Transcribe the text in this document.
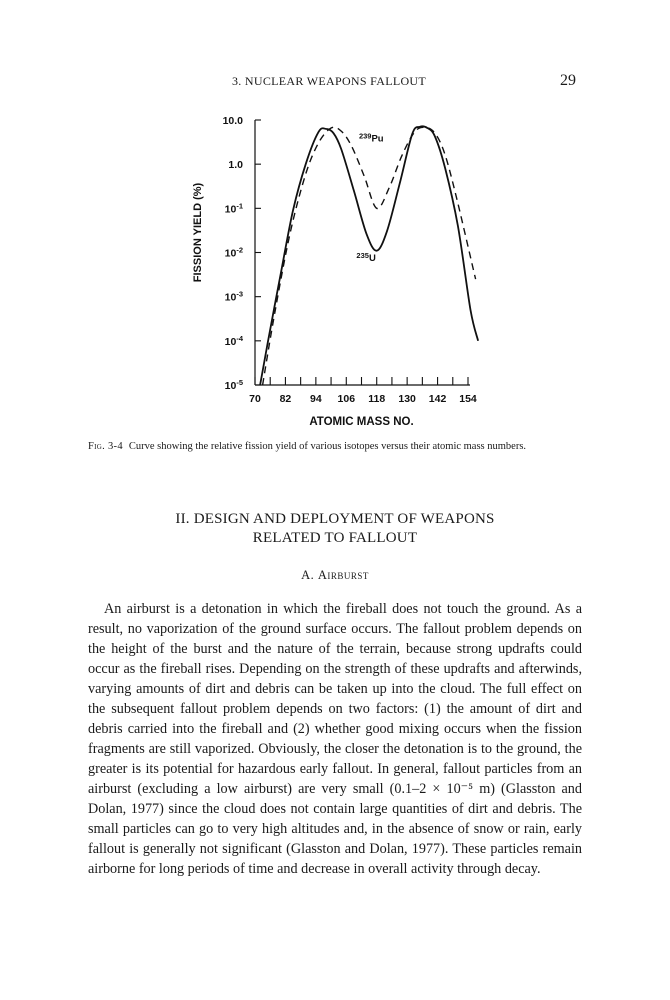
3. NUCLEAR WEAPONS FALLOUT	29
10.0
1.0
$10^{-1}$
$10^{-2}$
$10^{-3}$
$10^{-4}$
$10^{-5}$
70 82 94 106 118 130 142 154
ATOMIC MASS NO.
FISSION YIELD (%)
$^{239}$Pu
$^{235}$U
Fig. 3-4 Curve showing the relative fission yield of various isotopes versus their atomic mass numbers.
II. DESIGN AND DEPLOYMENT OF WEAPONS
RELATED TO FALLOUT
A. Airburst

An airburst is a detonation in which the fireball does not touch the ground. As a result, no vaporization of the ground surface occurs. The fallout problem depends on the height of the burst and the nature of the terrain, because strong updrafts could occur as the fireball rises. Depending on the strength of these updrafts and afterwinds, varying amounts of dirt and debris can be taken up into the cloud. The full effect on the subsequent fallout problem depends on two factors: (1) the amount of dirt and debris carried into the fireball and (2) whether good mixing occurs when the fission fragments are still vaporized. Obviously, the closer the detonation is to the ground, the greater is its potential for hazardous early fallout. In general, fallout particles from an airburst (excluding a low airburst) are very small (0.1–2 × 10⁻⁵ m) (Glasston and Dolan, 1977) since the cloud does not contain large quantities of dirt and debris. The small particles can go to very high altitudes and, in the absence of snow or rain, early fallout is generally not significant (Glasston and Dolan, 1977). These particles remain airborne for long periods of time and decrease in overall activity through decay.
